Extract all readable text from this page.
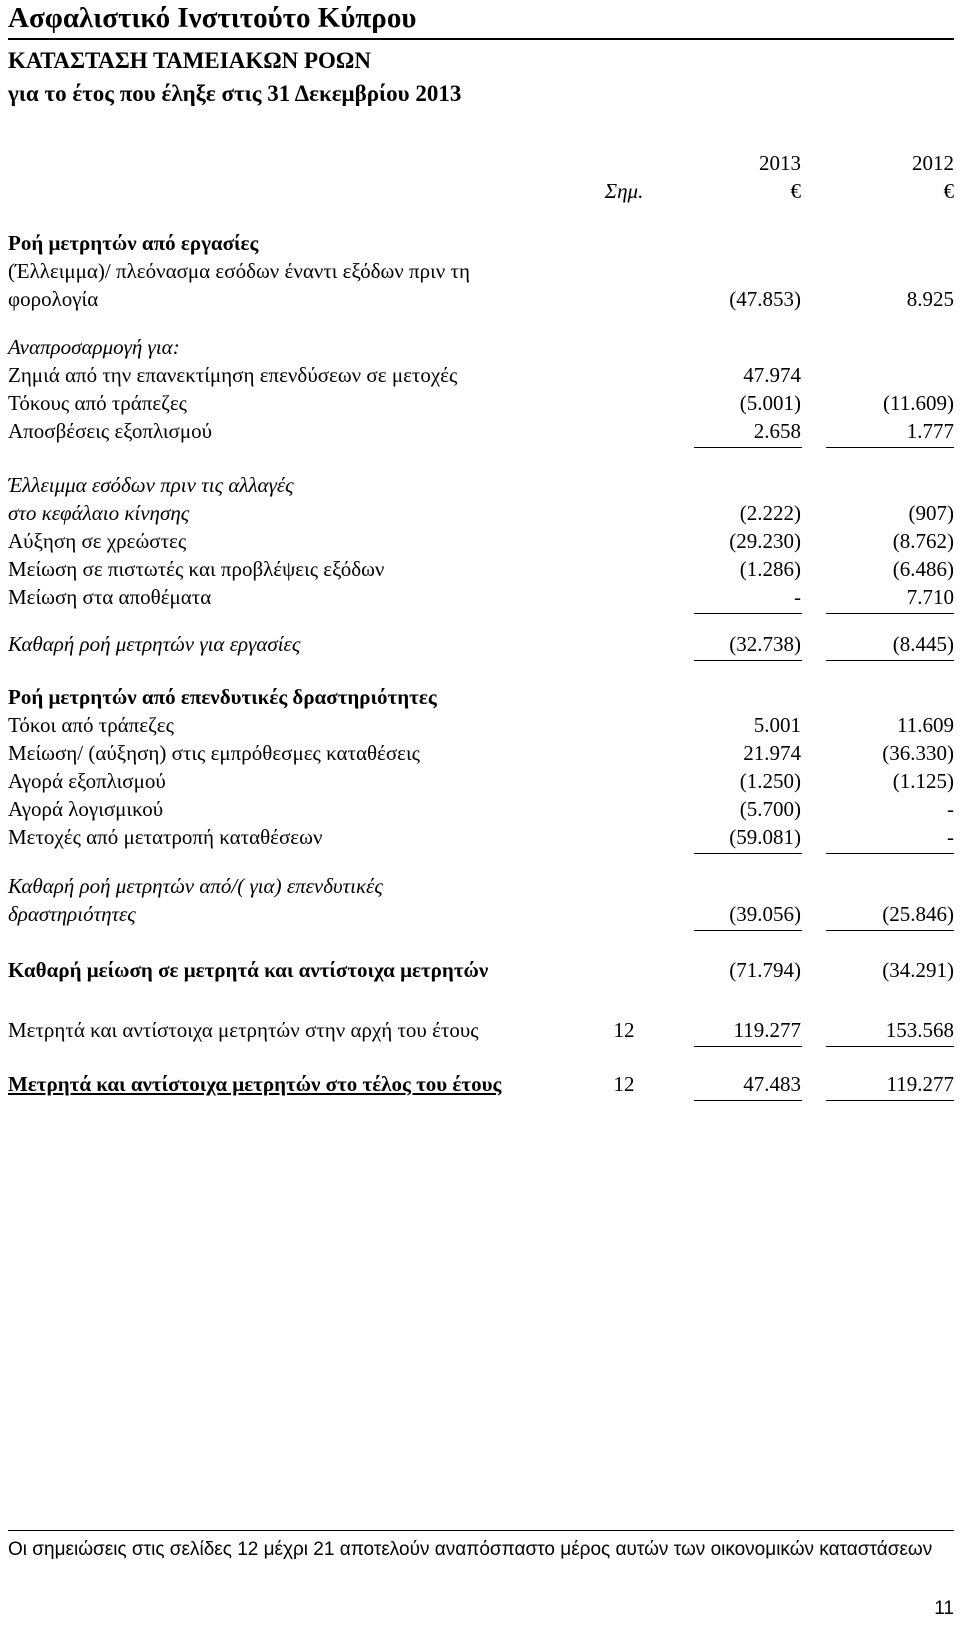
Ασφαλιστικό Ινστιτούτο Κύπρου
ΚΑΤΑΣΤΑΣΗ ΤΑΜΕΙΑΚΩΝ ΡΟΩΝ
για το έτος που έληξε στις 31 Δεκεμβρίου 2013
2013	2012
Σημ.	€	€
Ροή μετρητών από εργασίες
(Έλλειμμα)/ πλεόνασμα εσόδων έναντι εξόδων πριν τη
φορολογία	(47.853)	8.925
Αναπροσαρμογή για:
Ζημιά από την επανεκτίμηση επενδύσεων σε μετοχές	47.974
Τόκους από τράπεζες	(5.001)	(11.609)
Αποσβέσεις εξοπλισμού	2.658	1.777
Έλλειμμα εσόδων πριν τις αλλαγές
στο κεφάλαιο κίνησης	(2.222)	(907)
Αύξηση σε χρεώστες	(29.230)	(8.762)
Μείωση σε πιστωτές και προβλέψεις εξόδων	(1.286)	(6.486)
Μείωση στα αποθέματα	-	7.710
Καθαρή ροή μετρητών για εργασίες	(32.738)	(8.445)
Ροή μετρητών από επενδυτικές δραστηριότητες
Τόκοι από τράπεζες	5.001	11.609
Μείωση/ (αύξηση) στις εμπρόθεσμες καταθέσεις	21.974	(36.330)
Αγορά εξοπλισμού	(1.250)	(1.125)
Αγορά λογισμικού	(5.700)	-
Μετοχές από μετατροπή καταθέσεων	(59.081)	-
Καθαρή ροή μετρητών από/( για) επενδυτικές
δραστηριότητες	(39.056)	(25.846)
Καθαρή μείωση σε μετρητά και αντίστοιχα μετρητών	(71.794)	(34.291)
Μετρητά και αντίστοιχα μετρητών στην αρχή του έτους	12	119.277	153.568
Μετρητά και αντίστοιχα μετρητών στο τέλος του έτους	12	47.483	119.277
Οι σημειώσεις στις σελίδες 12 μέχρι 21 αποτελούν αναπόσπαστο μέρος αυτών των οικονομικών καταστάσεων
11
